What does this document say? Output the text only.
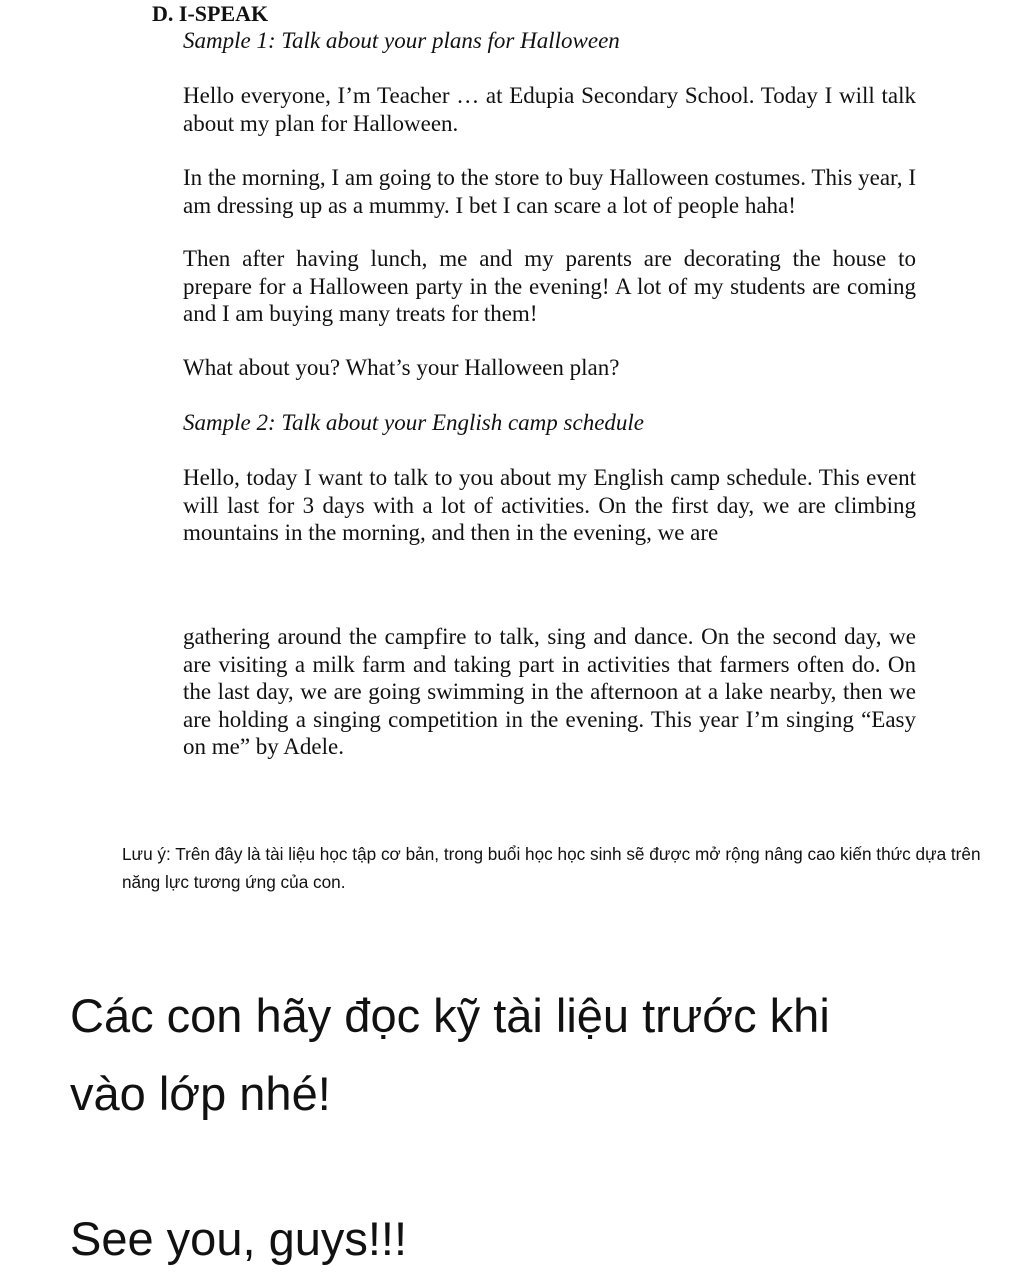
D. I-SPEAK

Sample 1: Talk about your plans for Halloween

Hello everyone, I’m Teacher … at Edupia Secondary School. Today I will talk about my plan for Halloween.

In the morning, I am going to the store to buy Halloween costumes. This year, I am dressing up as a mummy. I bet I can scare a lot of people haha!

Then after having lunch, me and my parents are decorating the house to prepare for a Halloween party in the evening! A lot of my students are coming and I am buying many treats for them!

What about you? What’s your Halloween plan?

Sample 2: Talk about your English camp schedule

Hello, today I want to talk to you about my English camp schedule. This event will last for 3 days with a lot of activities. On the first day, we are climbing mountains in the morning, and then in the evening, we are

gathering around the campfire to talk, sing and dance. On the second day, we are visiting a milk farm and taking part in activities that farmers often do. On the last day, we are going swimming in the afternoon at a lake nearby, then we are holding a singing competition in the evening. This year I’m singing “Easy on me” by Adele.

Lưu ý: Trên đây là tài liệu học tập cơ bản, trong buổi học học sinh sẽ được mở rộng nâng cao kiến thức dựa trên năng lực tương ứng của con.

Các con hãy đọc kỹ tài liệu trước khi

vào lớp nhé!

See you, guys!!!
